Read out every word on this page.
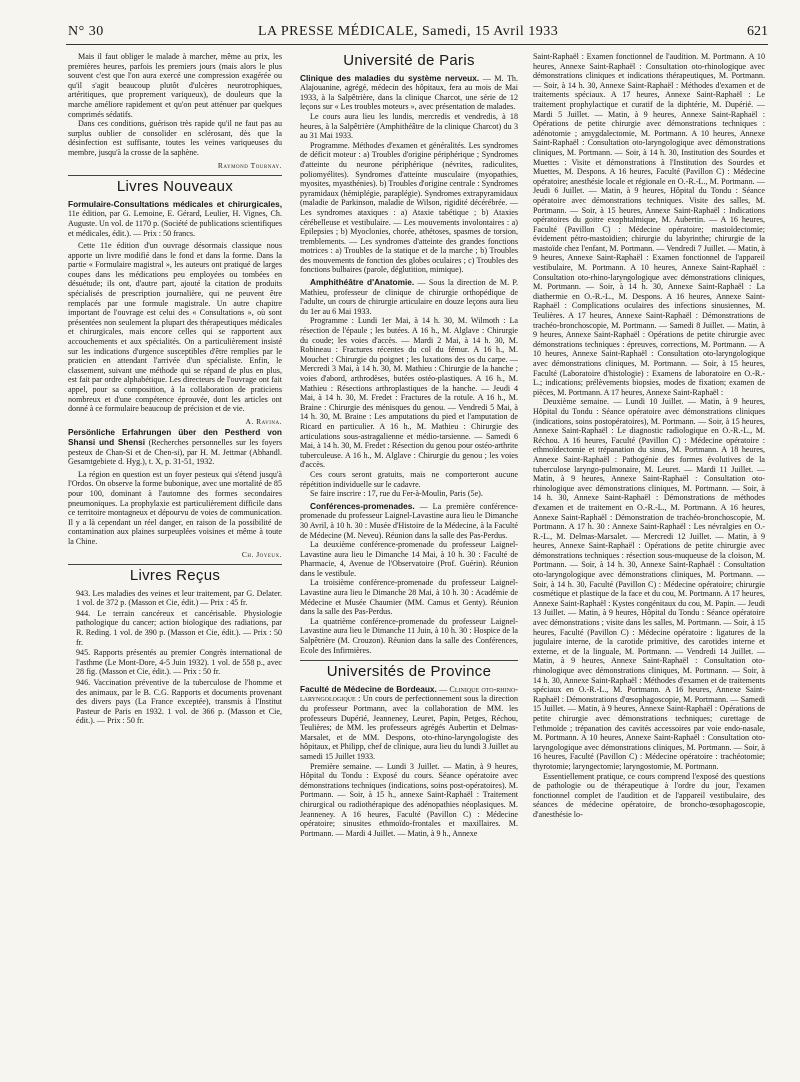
N° 30	LA PRESSE MÉDICALE, Samedi, 15 Avril 1933	621

Mais il faut obliger le malade à marcher, même au prix, les premières heures, parfois les premiers jours (mais alors le plus souvent c'est que l'on aura exercé une compression exagérée ou qu'il s'agit beaucoup plutôt d'ulcères neurotrophiques, artéritiques, que proprement variqueux), de douleurs que la marche améliore rapidement et qu'on peut atténuer par quelques comprimés sédatifs.

Dans ces conditions, guérison très rapide qu'il ne faut pas au surplus oublier de consolider en sclérosant, dès que la désinfection est suffisante, toutes les veines variqueuses du membre, jusqu'à la crosse de la saphène.

Raymond Tournay.
Livres Nouveaux

Formulaire-Consultations médicales et chirurgicales, 11e édition, par G. Lemoine, E. Gérard, Leulier, H. Vignes, Ch. Auguste. Un vol. de 1170 p. (Société de publications scientifiques et médicales, édit.). — Prix : 50 francs.

Cette 11e édition d'un ouvrage désormais classique nous apporte un livre modifié dans le fond et dans la forme. Dans la partie « Formulaire magistral », les auteurs ont pratiqué de larges coupes dans les médications peu employées ou tombées en désuétude; ils ont, d'autre part, ajouté la citation de produits spécialisés de prescription journalière, qui ne peuvent être remplacés par une formule magistrale. Un autre chapitre important de l'ouvrage est celui des « Consultations », où sont présentées non seulement la plupart des thérapeutiques médicales et chirurgicales, mais encore celles qui se rapportent aux accouchements et aux spécialités. On a particulièrement insisté sur les indications d'urgence susceptibles d'être remplies par le praticien en attendant l'arrivée d'un spécialiste. Enfin, le classement, suivant une méthode qui se répand de plus en plus, est fait par ordre alphabétique. Les directeurs de l'ouvrage ont fait appel, pour sa composition, à la collaboration de praticiens nombreux et d'une compétence éprouvée, dont les articles ont donné à ce formulaire beaucoup de précision et de vie.

A. Ravina.

Persönliche Erfahrungen über den Pestherd von Shansi und Shensi (Recherches personnelles sur les foyers pesteux de Chan-Si et de Chen-si), par H. M. Jettmar (Abhandl. Gesamtgebiete d. Hyg.), t. X, p. 31-51, 1932.

La région en question est un foyer pesteux qui s'étend jusqu'à l'Ordos. On observe la forme bubonique, avec une mortalité de 85 pour 100, dominant à l'automne des formes secondaires pneumoniques. La prophylaxie est particulièrement difficile dans ce territoire montagneux et dépourvu de voies de communication. Il y a là cependant un réel danger, en raison de la possibilité de contamination aux plaines surpeuplées voisines et même à toute la Chine.

Ch. Joyeux.
Livres Reçus

943. Les maladies des veines et leur traitement, par G. Delater. 1 vol. de 372 p. (Masson et Cie, édit.) — Prix : 45 fr.

944. Le terrain cancéreux et cancérisable. Physiologie pathologique du cancer; action biologique des radiations, par R. Reding. 1 vol. de 390 p. (Masson et Cie, édit.). — Prix : 50 fr.

945. Rapports présentés au premier Congrès international de l'asthme (Le Mont-Dore, 4-5 Juin 1932). 1 vol. de 558 p., avec 28 fig. (Masson et Cie, édit.). — Prix : 50 fr.

946. Vaccination préventive de la tuberculose de l'homme et des animaux, par le B. C.G. Rapports et documents provenant des divers pays (La France exceptée), transmis à l'Institut Pasteur de Paris en 1932. 1 vol. de 366 p. (Masson et Cie, édit.). — Prix : 50 fr.

Université de Paris

Clinique des maladies du système nerveux. — M. Th. Alajouanine, agrégé, médecin des hôpitaux, fera au mois de Mai 1933, à la Salpêtrière, dans la clinique Charcot, une série de 12 leçons sur « Les troubles moteurs », avec présentation de malades.

Le cours aura lieu les lundis, mercredis et vendredis, à 18 heures, à la Salpêtrière (Amphithéâtre de la clinique Charcot) du 3 au 31 Mai 1933.

Programme. Méthodes d'examen et généralités. Les syndromes de déficit moteur : a) Troubles d'origine périphérique ; Syndromes d'atteinte du neurone périphérique (névrites, radiculites, poliomyélites). Syndromes d'atteinte musculaire (myopathies, myosites, myasthénies). b) Troubles d'origine centrale : Syndromes pyramidaux (hémiplégie, paraplégie). Syndromes extrapyramidaux (maladie de Parkinson, maladie de Wilson, rigidité décérébrée. — Les syndromes ataxiques : a) Ataxie tabétique ; b) Ataxies cérébelleuse et vestibulaire. — Les mouvements involontaires : a) Epilepsies ; b) Myoclonies, chorée, athétoses, spasmes de torsion, tremblements. — Les syndromes d'atteinte des grandes fonctions motrices : a) Troubles de la statique et de la marche ; b) Troubles des mouvements de fonction des globes oculaires ; c) Troubles des fonctions bulbaires (parole, déglutition, mimique).

Amphithéâtre d'Anatomie. — Sous la direction de M. P. Mathieu, professeur de clinique de chirurgie orthopédique de l'adulte, un cours de chirurgie articulaire en douze leçons aura lieu du 1er au 6 Mai 1933.

Programme : Lundi 1er Mai, à 14 h. 30, M. Wilmoth : La résection de l'épaule ; les butées. A 16 h., M. Alglave : Chirurgie du coude; les voies d'accès. — Mardi 2 Mai, à 14 h. 30, M. Robineau : Fractures récentes du col du fémur. A 16 h., M. Mouchet : Chirurgie du poignet ; les luxations des os du carpe. — Mercredi 3 Mai, à 14 h. 30, M. Mathieu : Chirurgie de la hanche ; voies d'abord, arthrodèses, butées ostéo-plastiques. A 16 h., M. Mathieu : Résections arthroplastiques de la hanche. — Jeudi 4 Mai, à 14 h. 30, M. Fredet : Fractures de la rotule. A 16 h., M. Braine : Chirurgie des ménisques du genou. — Vendredi 5 Mai, à 14 h. 30, M. Braine : Les amputations du pied et l'amputation de Ricard en particulier. A 16 h., M. Mathieu : Chirurgie des articulations sous-astragalienne et médio-tarsienne. — Samedi 6 Mai, à 14 h. 30, M. Fredet : Résection du genou pour ostéo-arthrite tuberculeuse. A 16 h., M. Alglave : Chirurgie du genou ; les voies d'accès.

Ces cours seront gratuits, mais ne comporteront aucune répétition individuelle sur le cadavre.

Se faire inscrire : 17, rue du Fer-à-Moulin, Paris (5e).

Conférences-promenades. — La première conférence-promenade du professeur Laignel-Lavastine aura lieu le Dimanche 30 Avril, à 10 h. 30 : Musée d'Histoire de la Médecine, à la Faculté de Médecine (M. Neveu). Réunion dans la salle des Pas-Perdus.

La deuxième conférence-promenade du professeur Laignel-Lavastine aura lieu le Dimanche 14 Mai, à 10 h. 30 : Faculté de Pharmacie, 4, Avenue de l'Observatoire (Prof. Guérin). Réunion dans le vestibule.

La troisième conférence-promenade du professeur Laignel-Lavastine aura lieu le Dimanche 28 Mai, à 10 h. 30 : Académie de Médecine et Musée Chaumier (MM. Camus et Genty). Réunion dans la salle des Pas-Perdus.

La quatrième conférence-promenade du professeur Laignel-Lavastine aura lieu le Dimanche 11 Juin, à 10 h. 30 : Hospice de la Salpêtrière (M. Crouzon). Réunion dans la salle des Conférences, Ecole des Infirmières.

Universités de Province

Faculté de Médecine de Bordeaux. — Clinique oto-rhino-laryngologique : Un cours de perfectionnement sous la direction du professeur Portmann, avec la collaboration de MM. les professeurs Dupérié, Jeanneney, Leuret, Papin, Petges, Réchou, Teulières; de MM. les professeurs agrégés Aubertin et Delmas-Marsalet, et de MM. Despons, oto-rhino-laryngologiste des hôpitaux, et Philipp, chef de clinique, aura lieu du lundi 3 Juillet au samedi 15 Juillet 1933.

Première semaine. — Lundi 3 Juillet. — Matin, à 9 heures, Hôpital du Tondu : Exposé du cours. Séance opératoire avec démonstrations techniques (indications, soins post-opératoires). M. Portmann. — Soir, à 15 h., annexe Saint-Raphaël : Traitement chirurgical ou radiothérapique des adénopathies néoplasiques. M. Jeanneney. A 16 heures, Faculté (Pavillon C) : Médecine opératoire; sinusites ethmoïdo-frontales et maxillaires. M. Portmann. — Mardi 4 Juillet. — Matin, à 9 h., Annexe

Saint-Raphaël : Examen fonctionnel de l'audition. M. Portmann. A 10 heures, Annexe Saint-Raphaël : Consultation oto-rhinologique avec démonstrations cliniques et indications thérapeutiques, M. Portmann. — Soir, à 14 h. 30, Annexe Saint-Raphaël : Méthodes d'examen et de traitements spéciaux. A 17 heures, Annexe Saint-Raphaël : Le traitement prophylactique et curatif de la diphtérie, M. Dupérié. — Mardi 5 Juillet. — Matin, à 9 heures, Annexe Saint-Raphaël : Opérations de petite chirurgie avec démonstrations techniques : adénotomie ; amygdalectomie, M. Portmann. A 10 heures, Annexe Saint-Raphaël : Consultation oto-laryngologique avec démonstrations cliniques, M. Portmann. — Soir, à 14 h. 30, Institution des Sourdes et Muettes : Visite et démonstrations à l'Institution des Sourdes et Muettes, M. Despons. A 16 heures, Faculté (Pavillon C) : Médecine opératoire; anesthésie locale et régionale en O.-R.-L., M. Portmann. — Jeudi 6 Juillet. — Matin, à 9 heures, Hôpital du Tondu : Séance opératoire avec démonstrations techniques. Visite des salles, M. Portmann. — Soir, à 15 heures, Annexe Saint-Raphaël : Indications opératoires du goitre exophtalmique, M. Aubertin. — A 16 heures, Faculté (Pavillon C) : Médecine opératoire; mastoïdectomie; évidement pétro-mastoïdien; chirurgie du labyrinthe; chirurgie de la mastoïde chez l'enfant, M. Portmann. — Vendredi 7 Juillet. — Matin, à 9 heures, Annexe Saint-Raphaël : Examen fonctionnel de l'appareil vestibulaire, M. Portmann. A 10 heures, Annexe Saint-Raphaël : Consultation oto-rhino-laryngologique avec démonstrations cliniques, M. Portmann. — Soir, à 14 h. 30, Annexe Saint-Raphaël : La diathermie en O.-R.-L., M. Despons. A 16 heures, Annexe Saint-Raphaël : Complications oculaires des infections sinusiennes, M. Teulières. A 17 heures, Annexe Saint-Raphaël : Démonstrations de trachéo-bronchoscopie, M. Portmann. — Samedi 8 Juillet. — Matin, à 9 heures, Annexe Saint-Raphaël : Opérations de petite chirurgie avec démonstrations techniques : épreuves, corrections, M. Portmann. — A 10 heures, Annexe Saint-Raphaël : Consultation oto-laryngologique avec démonstrations cliniques, M. Portmann. — Soir, à 15 heures, Faculté (Laboratoire d'histologie) : Examens de laboratoire en O.-R.-L.; indications; prélèvements biopsies, modes de fixation; examen de pièces, M. Portmann. A 17 heures, Annexe Saint-Raphaël :

Deuxième semaine. — Lundi 10 Juillet. — Matin, à 9 heures, Hôpital du Tondu : Séance opératoire avec démonstrations cliniques (indications, soins postopératoires), M. Portmann. — Soir, à 15 heures, Annexe Saint-Raphaël : Le diagnostic radiologique en O.-R.-L., M. Réchou. A 16 heures, Faculté (Pavillon C) : Médecine opératoire : ethmoïdectomie et trépanation du sinus, M. Portmann. A 18 heures, Annexe Saint-Raphaël : Pathogénie des formes évolutives de la tuberculose laryngo-pulmonaire, M. Leuret. — Mardi 11 Juillet. — Matin, à 9 heures, Annexe Saint-Raphaël : Consultation oto-rhinologique avec démonstrations cliniques, M. Portmann. — Soir, à 14 h. 30, Annexe Saint-Raphaël : Démonstrations de méthodes d'examen et de traitement en O.-R.-L., M. Portmann. A 16 heures, Annexe Saint-Raphaël : Démonstration de trachéo-bronchoscopie, M. Portmann. A 17 h. 30 : Annexe Saint-Raphaël : Les névralgies en O.-R.-L., M. Delmas-Marsalet. — Mercredi 12 Juillet. — Matin, à 9 heures, Annexe Saint-Raphaël : Opérations de petite chirurgie avec démonstrations techniques : résection sous-muqueuse de la cloison, M. Portmann. — Soir, à 14 h. 30, Annexe Saint-Raphaël : Consultation oto-laryngologique avec démonstrations cliniques, M. Portmann. — Soir, à 14 h. 30, Faculté (Pavillon C) : Médecine opératoire; chirurgie cosmétique et plastique de la face et du cou, M. Portmann. A 17 heures, Annexe Saint-Raphaël : Kystes congénitaux du cou, M. Papin. — Jeudi 13 Juillet. — Matin, à 9 heures, Hôpital du Tondu : Séance opératoire avec démonstrations ; visite dans les salles, M. Portmann. — Soir, à 15 heures, Faculté (Pavillon C) : Médecine opératoire : ligatures de la jugulaire interne, de la carotide primitive, des carotides interne et externe, et de la linguale, M. Portmann. — Vendredi 14 Juillet. — Matin, à 9 heures, Annexe Saint-Raphaël : Consultation oto-rhinologique avec démonstrations cliniques, M. Portmann. — Soir, à 14 h. 30, Annexe Saint-Raphaël : Méthodes d'examen et de traitements spéciaux en O.-R.-L., M. Portmann. A 16 heures, Annexe Saint-Raphaël : Démonstrations d'œsophagoscopie, M. Portmann. — Samedi 15 Juillet. — Matin, à 9 heures, Annexe Saint-Raphaël : Opérations de petite chirurgie avec démonstrations techniques; curettage de l'ethmoïde ; trépanation des cavités accessoires par voie endo-nasale, M. Portmann. A 10 heures, Annexe Saint-Raphaël : Consultation oto-laryngologique avec démonstrations cliniques, M. Portmann. — Soir, à 16 heures, Faculté (Pavillon C) : Médecine opératoire : trachéotomie; thyrotomie; laryngectomie; laryngostomie, M. Portmann.

Essentiellement pratique, ce cours comprend l'exposé des questions de pathologie ou de thérapeutique à l'ordre du jour, l'examen fonctionnel complet de l'audition et de l'appareil vestibulaire, des séances de médecine opératoire, de broncho-œsophagoscopie, d'anesthésie lo-
